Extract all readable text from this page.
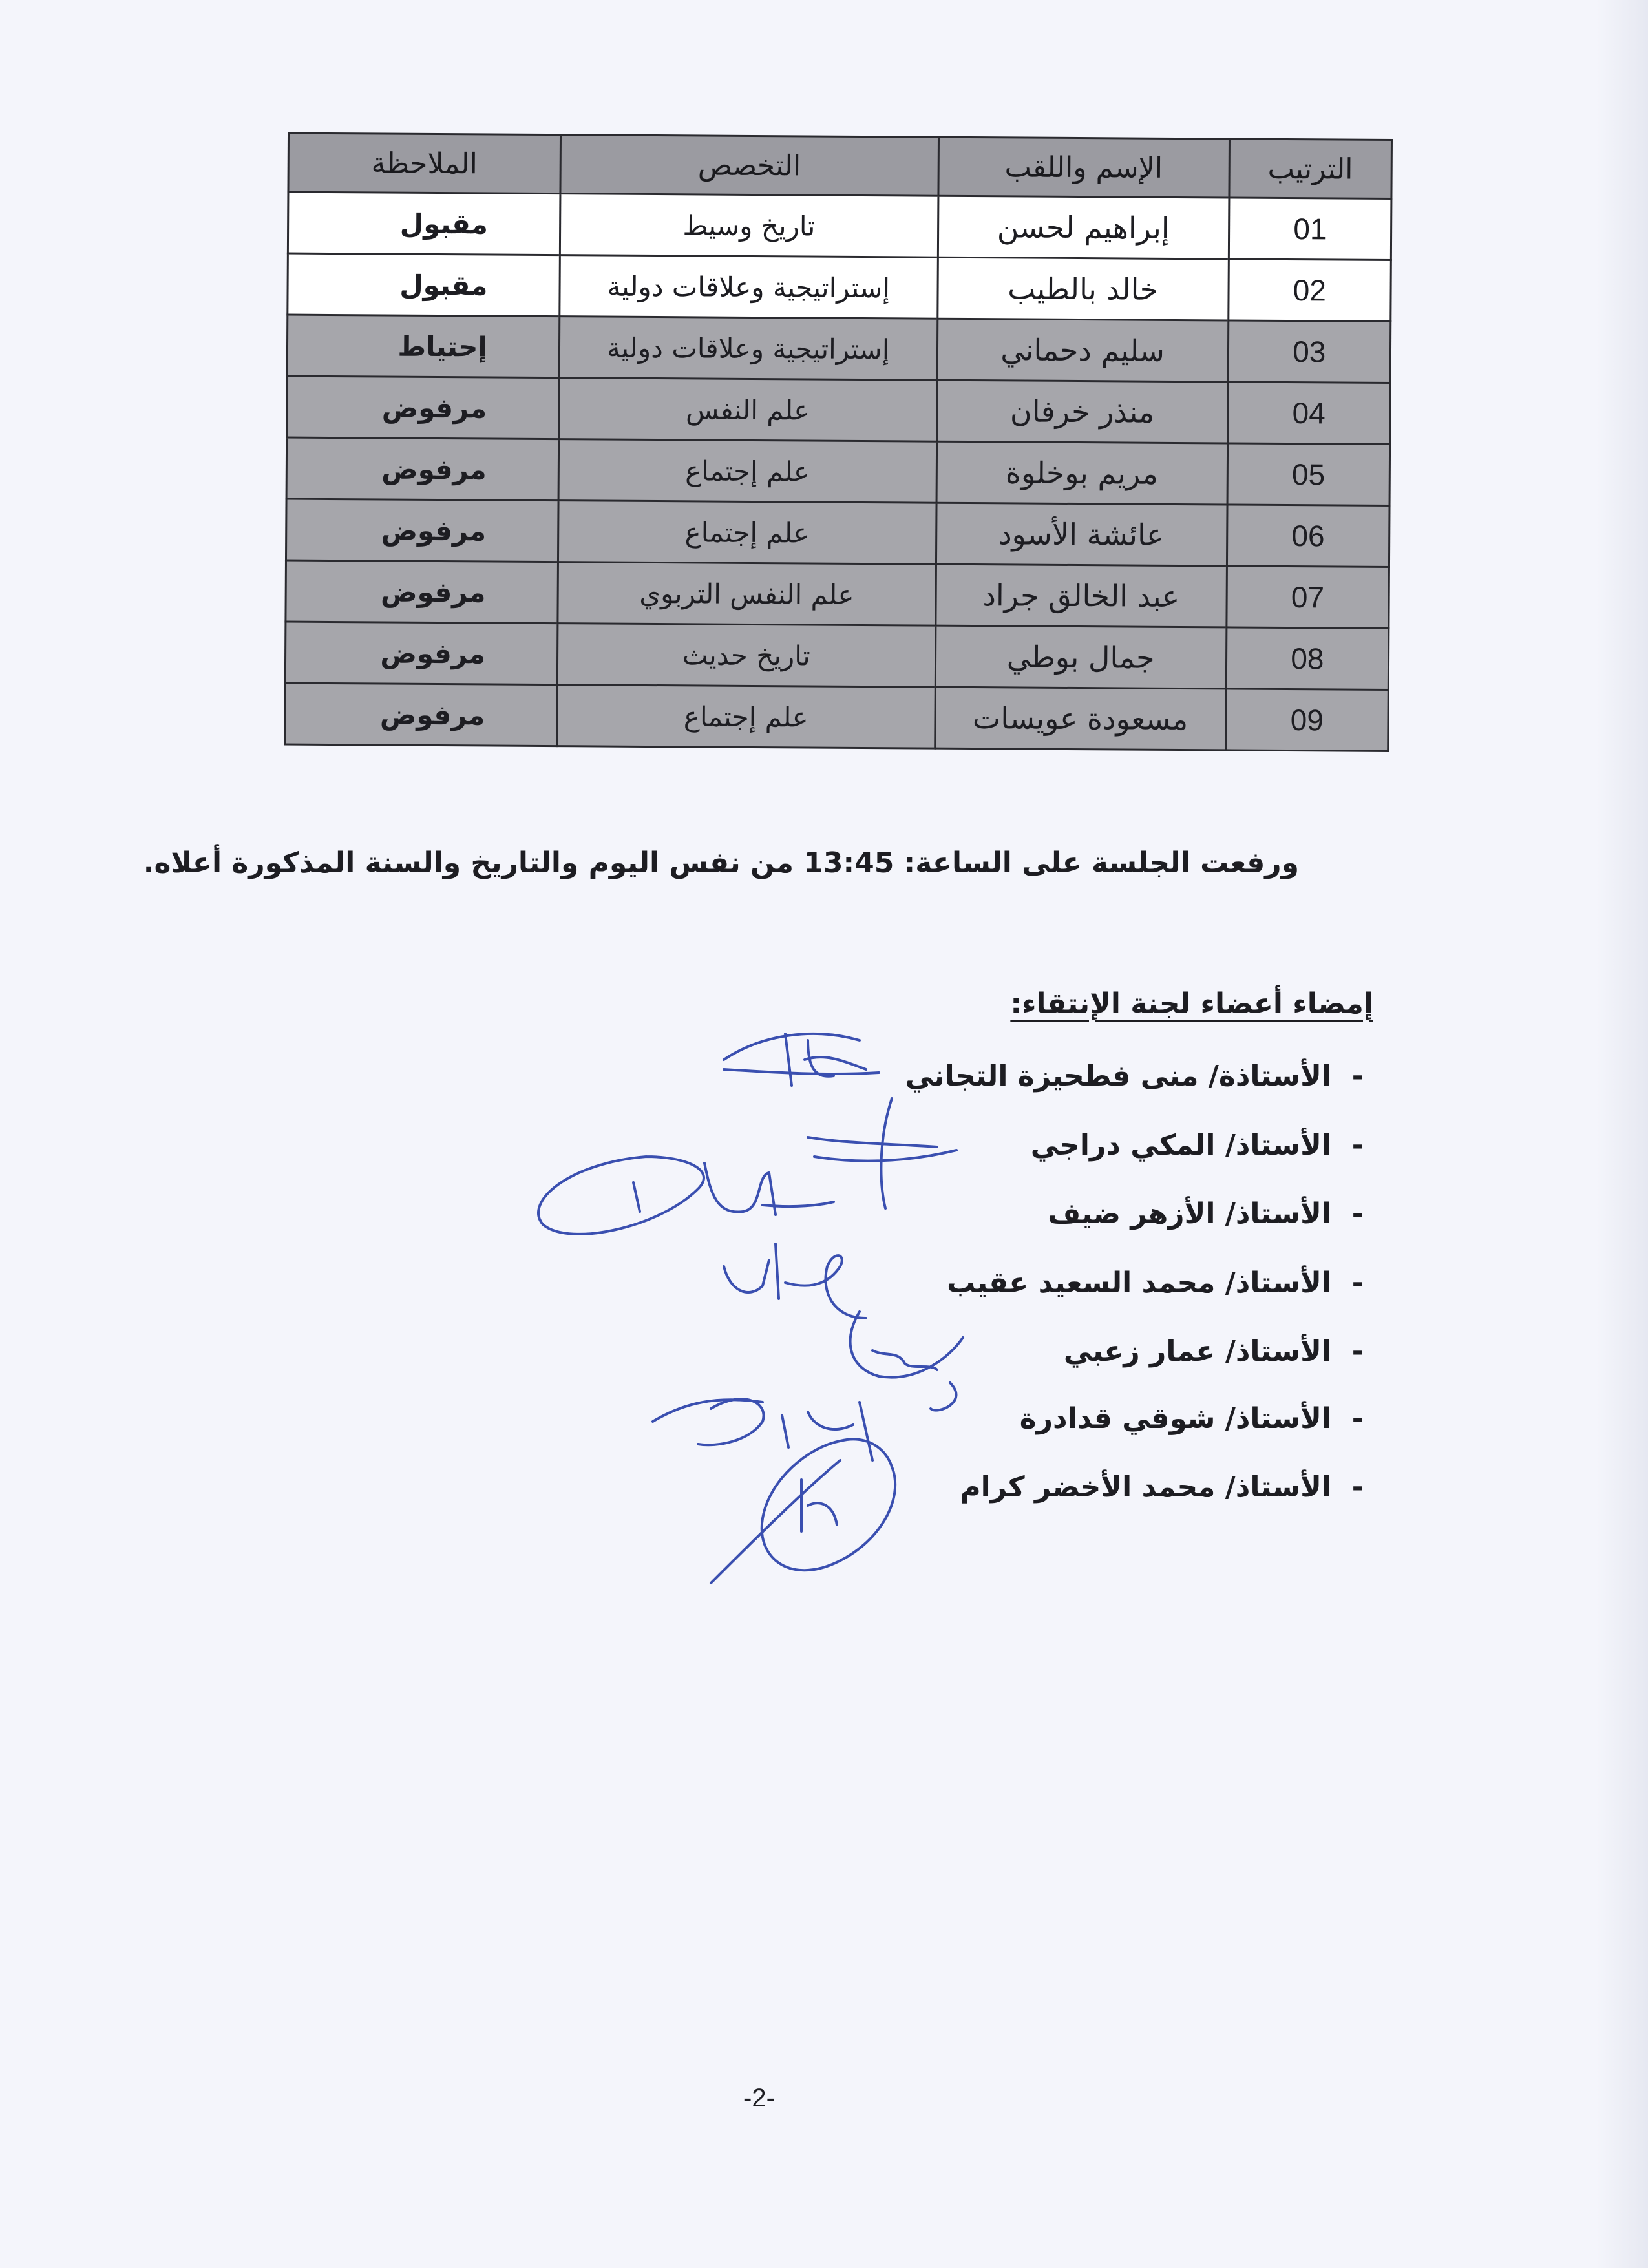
الترتيب	الإسم واللقب	التخصص	الملاحظة
01	إبراهيم لحسن	تاريخ وسيط	مقبول
02	خالد بالطيب	إستراتيجية وعلاقات دولية	مقبول
03	سليم دحماني	إستراتيجية وعلاقات دولية	إحتياط
04	منذر خرفان	علم النفس	مرفوض
05	مريم بوخلوة	علم إجتماع	مرفوض
06	عائشة الأسود	علم إجتماع	مرفوض
07	عبد الخالق جراد	علم النفس التربوي	مرفوض
08	جمال بوطي	تاريخ حديث	مرفوض
09	مسعودة عويسات	علم إجتماع	مرفوض
ورفعت الجلسة على الساعة: 13:45 من نفس اليوم والتاريخ والسنة المذكورة أعلاه.
إمضاء أعضاء لجنة الإنتقاء:
-
الأستاذة/ منى فطحيزة التجاني
-
الأستاذ/ المكي دراجي
-
الأستاذ/ الأزهر ضيف
-
الأستاذ/ محمد السعيد عقيب
-
الأستاذ/ عمار زعبي
-
الأستاذ/ شوقي قدادرة
-
الأستاذ/ محمد الأخضر كرام
-2-
